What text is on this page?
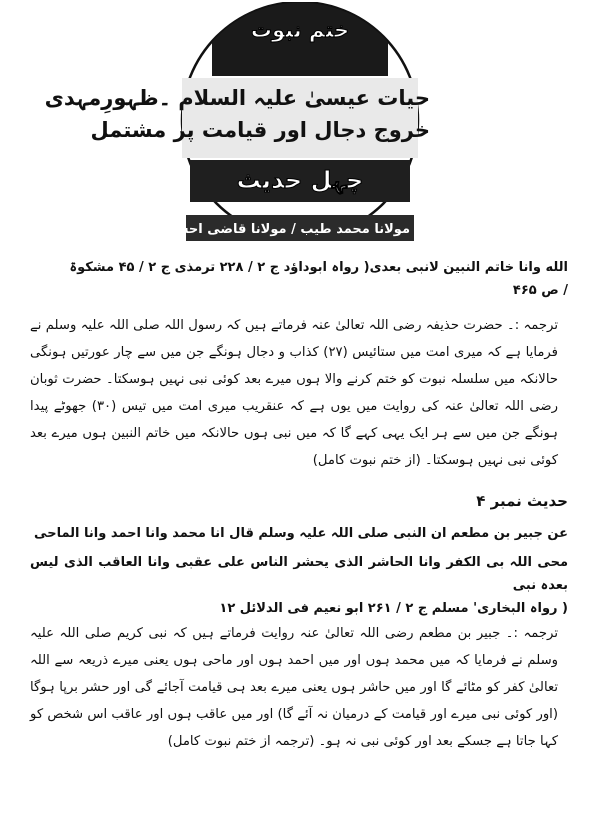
ختم نبوت
حیات عیسیٰ علیہ السلام ۔ظہورِمہدی
خروج دجال اور قیامت پر مشتمل
چہل حدیث
مولانا محمد طیب / مولانا قاضی احسان احمد

الله وانا خاتم النبین لانبی بعدی( رواہ ابوداؤد ج ۲ / ۲۲۸ ترمذی ج ۲ / ۴۵ مشکوۃ

/ ص ۴۶۵

ترجمہ :۔ حضرت حذیفہ رضی اللہ تعالیٰ عنہ فرماتے ہیں کہ رسول اللہ صلی اللہ علیہ وسلم نے فرمایا ہے کہ میری امت میں ستائیس (۲۷) کذاب و دجال ہونگے جن میں سے چار عورتیں ہونگی حالانکہ میں سلسلہ نبوت کو ختم کرنے والا ہوں میرے بعد کوئی نبی نہیں ہوسکتا۔ حضرت ثوبان رضی اللہ تعالیٰ عنہ کی روایت میں یوں ہے کہ عنقریب میری امت میں تیس (۳۰) جھوٹے پیدا ہونگے جن میں سے ہر ایک یہی کہے گا کہ میں نبی ہوں حالانکہ میں خاتم النبین ہوں میرے بعد کوئی نبی نہیں ہوسکتا۔ (از ختم نبوت کامل)

حدیث نمبر ۴

عن جبیر بن مطعم ان النبی صلی اللہ علیہ وسلم قال انا محمد وانا احمد وانا الماحی

محی اللہ بی الکفر وانا الحاشر الذی یحشر الناس علی عقبی وانا العاقب الذی لیس بعدہ نبی

( رواہ البخاری' مسلم ج ۲ / ۲۶۱ ابو نعیم فی الدلائل ۱۲

ترجمہ :۔ جبیر بن مطعم رضی اللہ تعالیٰ عنہ روایت فرماتے ہیں کہ نبی کریم صلی اللہ علیہ وسلم نے فرمایا کہ میں محمد ہوں اور میں احمد ہوں اور ماحی ہوں یعنی میرے ذریعہ سے اللہ تعالیٰ کفر کو مٹائے گا اور میں حاشر ہوں یعنی میرے بعد ہی قیامت آجائے گی اور حشر برپا ہوگا (اور کوئی نبی میرے اور قیامت کے درمیان نہ آئے گا) اور میں عاقب ہوں اور عاقب اس شخص کو کہا جاتا ہے جسکے بعد اور کوئی نبی نہ ہو۔ (ترجمہ از ختم نبوت کامل)
